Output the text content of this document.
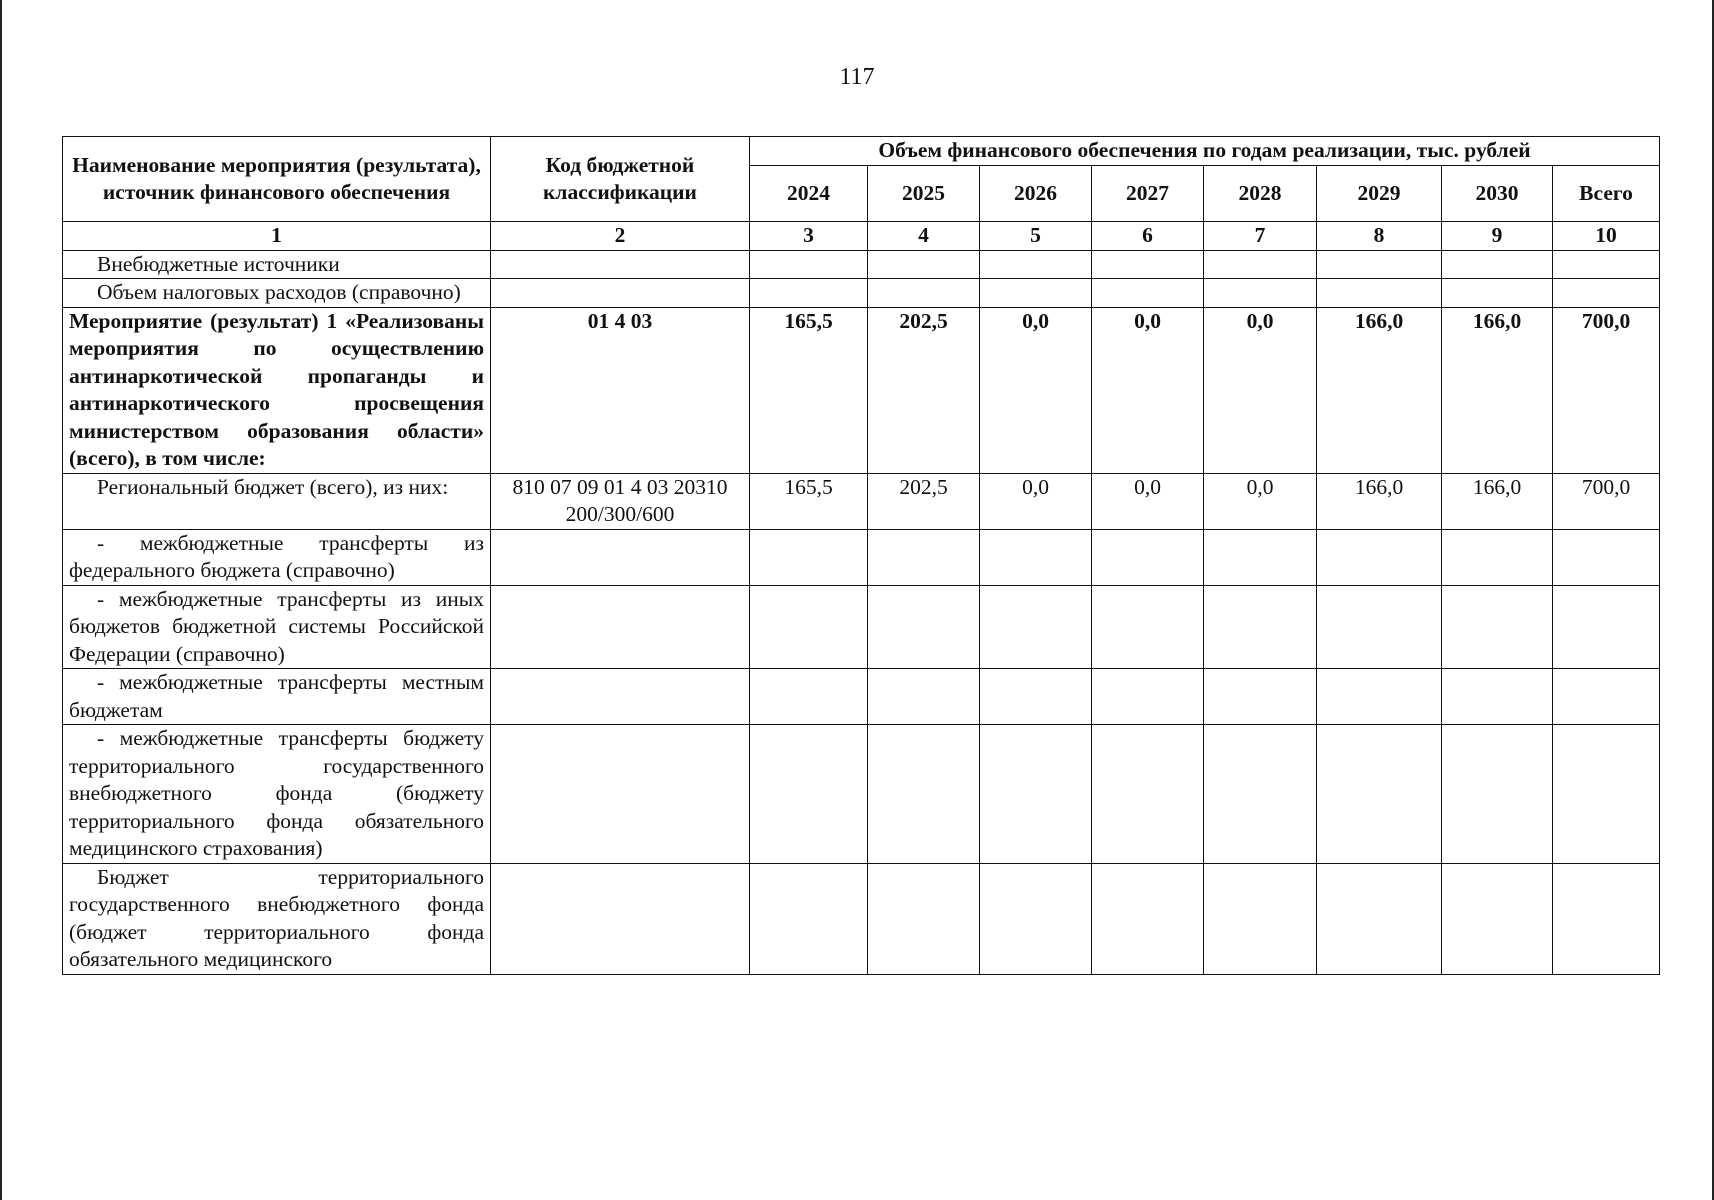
117
Наименование мероприятия (результата), источник финансового обеспечения	Код бюджетной классификации	Объем финансового обеспечения по годам реализации, тыс. рублей							
		2024	2025	2026	2027	2028	2029	2030	Всего
1	2	3	4	5	6	7	8	9	10
Внебюджетные источники									
Объем налоговых расходов (справочно)									
Мероприятие (результат) 1 «Реализованы мероприятия по осуществлению антинаркотической пропаганды и антинаркотического просвещения министерством образования области» (всего), в том числе:	01 4 03	165,5	202,5	0,0	0,0	0,0	166,0	166,0	700,0
Региональный бюджет (всего), из них:	810 07 09 01 4 03 20310 200/300/600	165,5	202,5	0,0	0,0	0,0	166,0	166,0	700,0
- межбюджетные трансферты из федерального бюджета (справочно)									
- межбюджетные трансферты из иных бюджетов бюджетной системы Российской Федерации (справочно)									
- межбюджетные трансферты местным бюджетам									
- межбюджетные трансферты бюджету территориального государственного внебюджетного фонда (бюджету территориального фонда обязательного медицинского страхования)									
Бюджет территориального государственного внебюджетного фонда (бюджет территориального фонда обязательного медицинского									
